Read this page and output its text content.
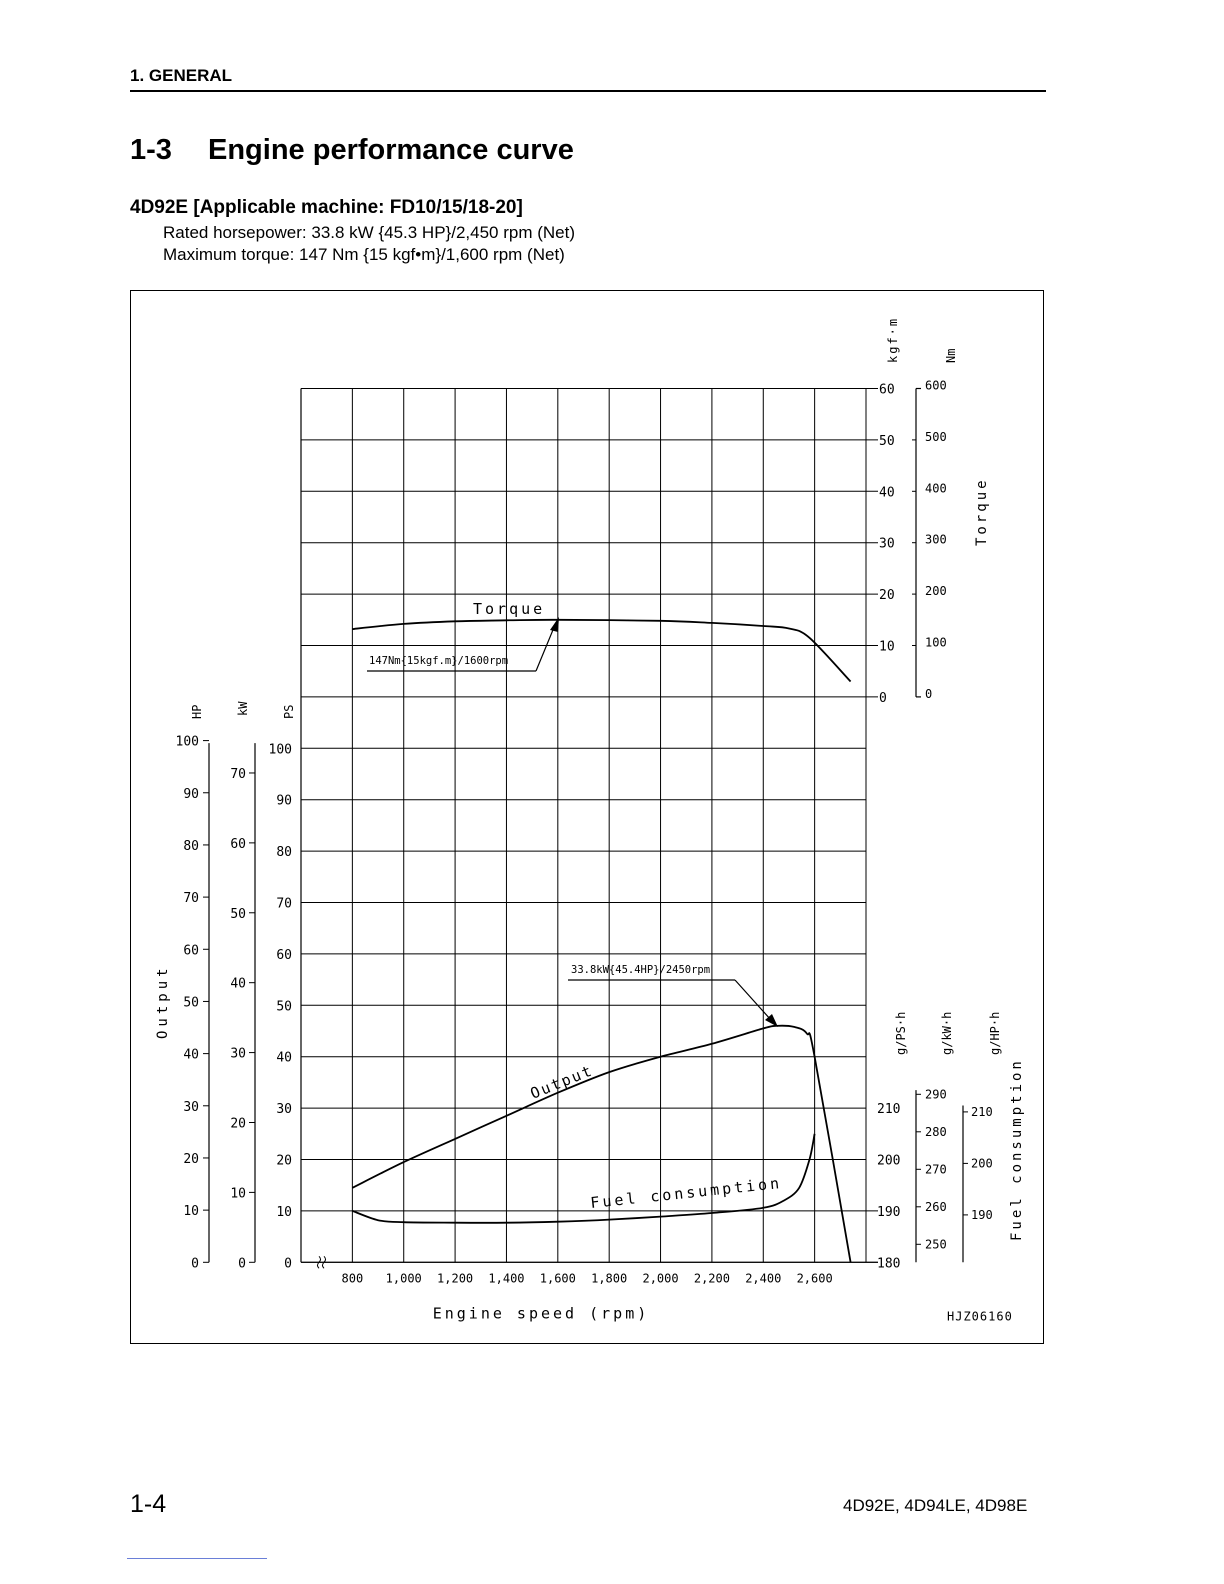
1. GENERAL
1-3 Engine performance curve
4D92E [Applicable machine: FD10/15/18-20]
Rated horsepower: 33.8 kW {45.3 HP}/2,450 rpm (Net)
Maximum torque: 147 Nm {15 kgf•m}/1,600 rpm (Net)
0
10
20
30
40
50
60
0
100
200
300
400
500
600
kgf·m	Nm
Torque
0
10
20
30
40
50
60
70
80
90
100
0
10
20
30
40
50
60
70
0
10
20
30
40
50
60
70
80
90
100
HP	kW	PS
Output
180
190
200
210
250
260
270
280
290
190
200
210
g/PS·h	g/kW·h	g/HP·h
Fuel consumption
800 1,000 1,200 1,400 1,600 1,800 2,000 2,200 2,400 2,600
Engine speed (rpm)	HJZ06160
Torque
Output
Fuel consumption
147Nm{15kgf.m}/1600rpm
33.8kW{45.4HP}/2450rpm
1-4	4D92E, 4D94LE, 4D98E
